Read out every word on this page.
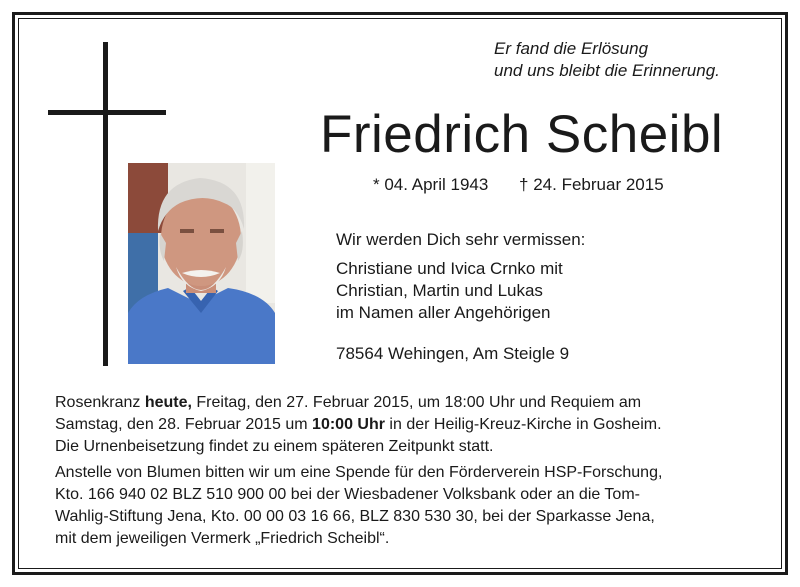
Er fand die Erlösung
und uns bleibt die Erinnerung.
Friedrich Scheibl
* 04. April 1943 † 24. Februar 2015
Wir werden Dich sehr vermissen:
Christiane und Ivica Crnko mit
Christian, Martin und Lukas
im Namen aller Angehörigen
78564 Wehingen, Am Steigle 9
Rosenkranz heute, Freitag, den 27. Februar 2015, um 18:00 Uhr und Requiem am
Samstag, den 28. Februar 2015 um 10:00 Uhr in der Heilig-Kreuz-Kirche in Gosheim.
Die Urnenbeisetzung findet zu einem späteren Zeitpunkt statt.
Anstelle von Blumen bitten wir um eine Spende für den Förderverein HSP-Forschung,
Kto. 166 940 02 BLZ 510 900 00 bei der Wiesbadener Volksbank oder an die Tom-
Wahlig-Stiftung Jena, Kto. 00 00 03 16 66, BLZ 830 530 30, bei der Sparkasse Jena,
mit dem jeweiligen Vermerk „Friedrich Scheibl“.
